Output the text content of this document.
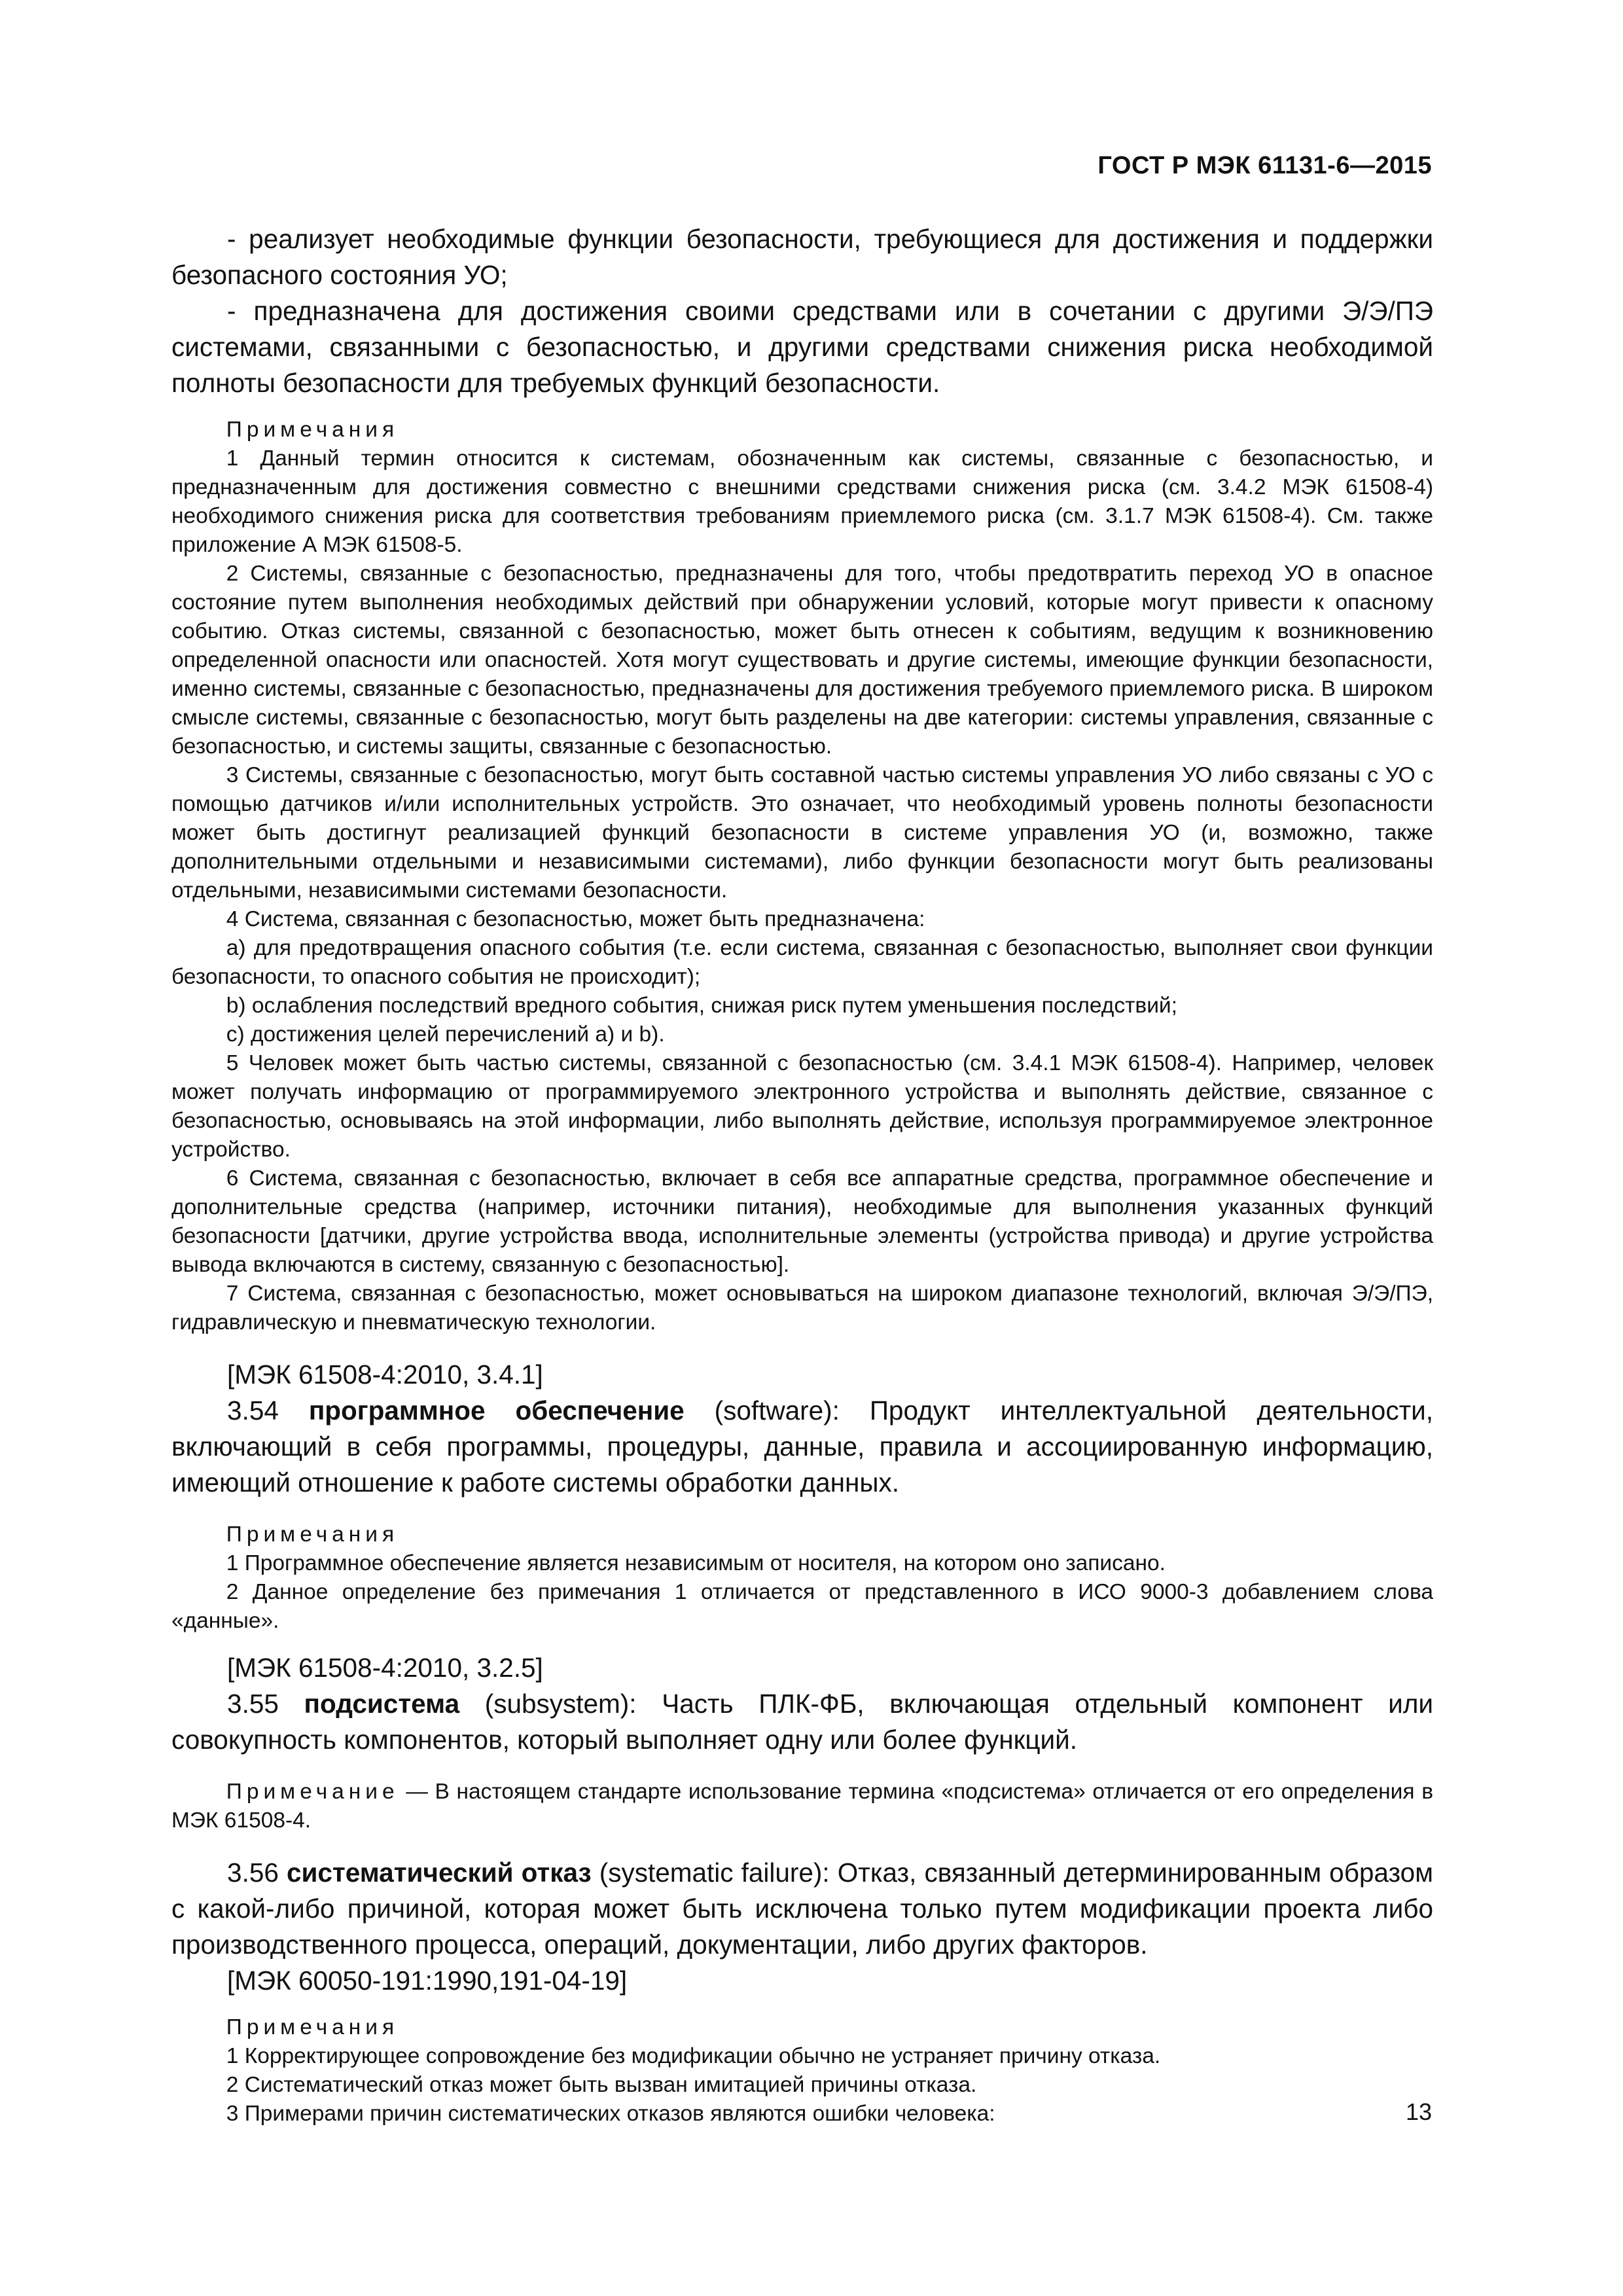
ГОСТ Р МЭК 61131-6—2015

- реализует необходимые функции безопасности, требующиеся для достижения и поддержки безопасного состояния УО;

- предназначена для достижения своими средствами или в сочетании с другими Э/Э/ПЭ системами, связанными с безопасностью, и другими средствами снижения риска необходимой полноты безопасности для требуемых функций безопасности.

Примечания

1 Данный термин относится к системам, обозначенным как системы, связанные с безопасностью, и предназначенным для достижения совместно с внешними средствами снижения риска (см. 3.4.2 МЭК 61508-4) необходимого снижения риска для соответствия требованиям приемлемого риска (см. 3.1.7 МЭК 61508-4). См. также приложение А МЭК 61508-5.

2 Системы, связанные с безопасностью, предназначены для того, чтобы предотвратить переход УО в опасное состояние путем выполнения необходимых действий при обнаружении условий, которые могут привести к опасному событию. Отказ системы, связанной с безопасностью, может быть отнесен к событиям, ведущим к возникновению определенной опасности или опасностей. Хотя могут существовать и другие системы, имеющие функции безопасности, именно системы, связанные с безопасностью, предназначены для достижения требуемого приемлемого риска. В широком смысле системы, связанные с безопасностью, могут быть разделены на две категории: системы управления, связанные с безопасностью, и системы защиты, связанные с безопасностью.

3 Системы, связанные с безопасностью, могут быть составной частью системы управления УО либо связаны с УО с помощью датчиков и/или исполнительных устройств. Это означает, что необходимый уровень полноты безопасности может быть достигнут реализацией функций безопасности в системе управления УО (и, возможно, также дополнительными отдельными и независимыми системами), либо функции безопасности могут быть реализованы отдельными, независимыми системами безопасности.

4 Система, связанная с безопасностью, может быть предназначена:

a) для предотвращения опасного события (т.е. если система, связанная с безопасностью, выполняет свои функции безопасности, то опасного события не происходит);

b) ослабления последствий вредного события, снижая риск путем уменьшения последствий;

c) достижения целей перечислений a) и b).

5 Человек может быть частью системы, связанной с безопасностью (см. 3.4.1 МЭК 61508-4). Например, человек может получать информацию от программируемого электронного устройства и выполнять действие, связанное с безопасностью, основываясь на этой информации, либо выполнять действие, используя программируемое электронное устройство.

6 Система, связанная с безопасностью, включает в себя все аппаратные средства, программное обеспечение и дополнительные средства (например, источники питания), необходимые для выполнения указанных функций безопасности [датчики, другие устройства ввода, исполнительные элементы (устройства привода) и другие устройства вывода включаются в систему, связанную с безопасностью].

7 Система, связанная с безопасностью, может основываться на широком диапазоне технологий, включая Э/Э/ПЭ, гидравлическую и пневматическую технологии.

[МЭК 61508-4:2010, 3.4.1]

3.54 программное обеспечение (software): Продукт интеллектуальной деятельности, включающий в себя программы, процедуры, данные, правила и ассоциированную информацию, имеющий отношение к работе системы обработки данных.

Примечания

1 Программное обеспечение является независимым от носителя, на котором оно записано.

2 Данное определение без примечания 1 отличается от представленного в ИСО 9000-3 добавлением слова «данные».

[МЭК 61508-4:2010, 3.2.5]

3.55 подсистема (subsystem): Часть ПЛК-ФБ, включающая отдельный компонент или совокупность компонентов, который выполняет одну или более функций.

Примечание — В настоящем стандарте использование термина «подсистема» отличается от его определения в МЭК 61508-4.

3.56 систематический отказ (systematic failure): Отказ, связанный детерминированным образом с какой-либо причиной, которая может быть исключена только путем модификации проекта либо производственного процесса, операций, документации, либо других факторов.

[МЭК 60050-191:1990,191-04-19]

Примечания

1 Корректирующее сопровождение без модификации обычно не устраняет причину отказа.

2 Систематический отказ может быть вызван имитацией причины отказа.

3 Примерами причин систематических отказов являются ошибки человека:	13
